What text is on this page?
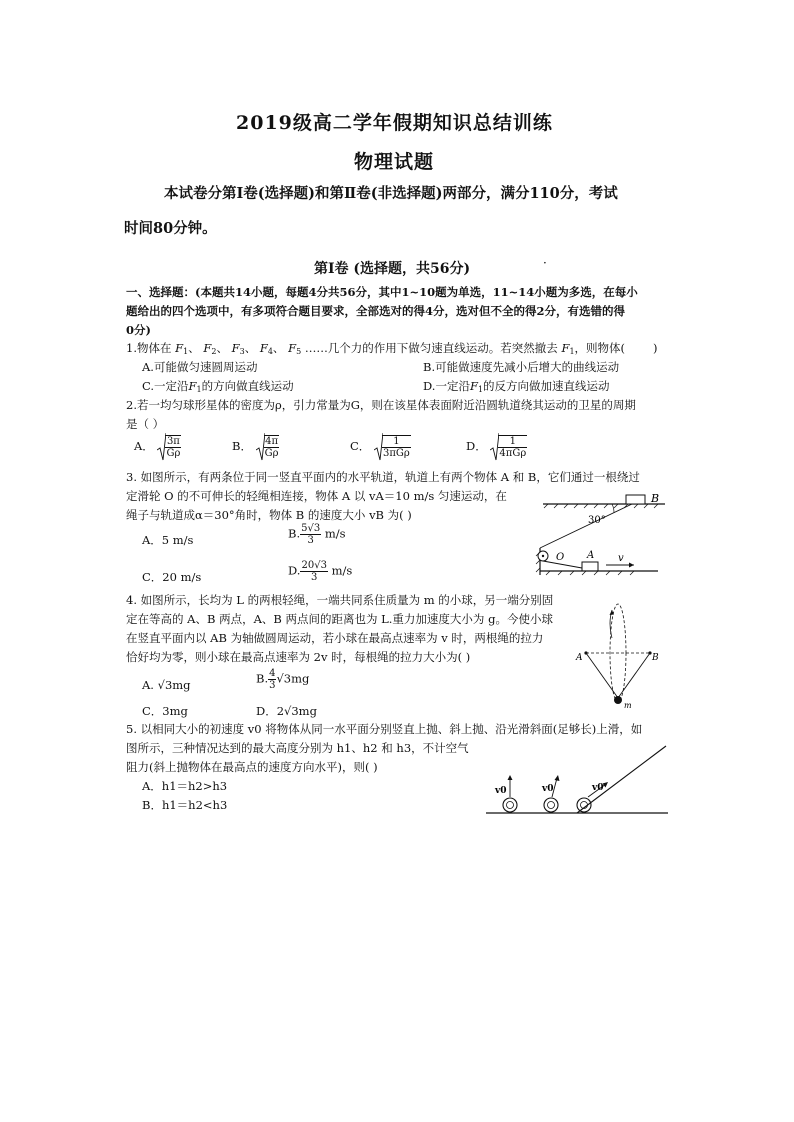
2019级高二学年假期知识总结训练
物理试题
本试卷分第Ⅰ卷(选择题)和第Ⅱ卷(非选择题)两部分，满分110分，考试
时间80分钟。
第Ⅰ卷 (选择题，共56分)	·
一、选择题：(本题共14小题，每题4分共56分，其中1~10题为单选，11~14小题为多选，在每小
题给出的四个选项中，有多项符合题目要求，全部选对的得4分，选对但不全的得2分，有选错的得
0分)
1.物体在 $F_1$、 $F_2$、 $F_3$、 $F_4$、 $F_5$ ……几个力的作用下做匀速直线运动。若突然撤去 $F_1$，则物体( )
A.可能做匀速圆周运动	B.可能做速度先减小后增大的曲线运动
C.一定沿$F_1$的方向做直线运动	D.一定沿$F_1$的反方向做加速直线运动
2.若一均匀球形星体的密度为ρ，引力常量为G，则在该星体表面附近沿圆轨道绕其运动的卫星的周期
是（ ）
A． $\frac{3\pi}{G\rho}$	B． $\frac{4\pi}{G\rho}$	C． $\frac{1}{\text{3πGρ}}$	D． $\frac{1}{\text{4πGρ}}$
3. 如图所示，有两条位于同一竖直平面内的水平轨道，轨道上有两个物体 A 和 B，它们通过一根绕过
定滑轮 O 的不可伸长的轻绳相连接，物体 A 以 vA＝10 m/s 匀速运动，在
绳子与轨道成α＝30°角时，物体 B 的速度大小 vB 为( )
A．5 m/s	B. $\frac{5√3}{3} m/s$
C．20 m/s	D. $\frac{20√3}{3} m/s$
B
30°
O A v
4. 如图所示，长均为 L 的两根轻绳，一端共同系住质量为 m 的小球，另一端分别固
定在等高的 A、B 两点，A、B 两点间的距离也为 L.重力加速度大小为 g。今使小球
在竖直平面内以 AB 为轴做圆周运动，若小球在最高点速率为 v 时，两根绳的拉力
恰好均为零，则小球在最高点速率为 2v 时，每根绳的拉力大小为( )
A. √3mg	B. $\frac{4}{3} √3mg$
C．3mg	D．2√3mg
A	B
m
5. 以相同大小的初速度 v0 将物体从同一水平面分别竖直上抛、斜上抛、沿光滑斜面(足够长)上滑，如
图所示，三种情况达到的最大高度分别为 h1、h2 和 h3，不计空气
阻力(斜上抛物体在最高点的速度方向水平)，则( )
A．h1＝h2>h3
B．h1＝h2<h3
v0	v0	v0
